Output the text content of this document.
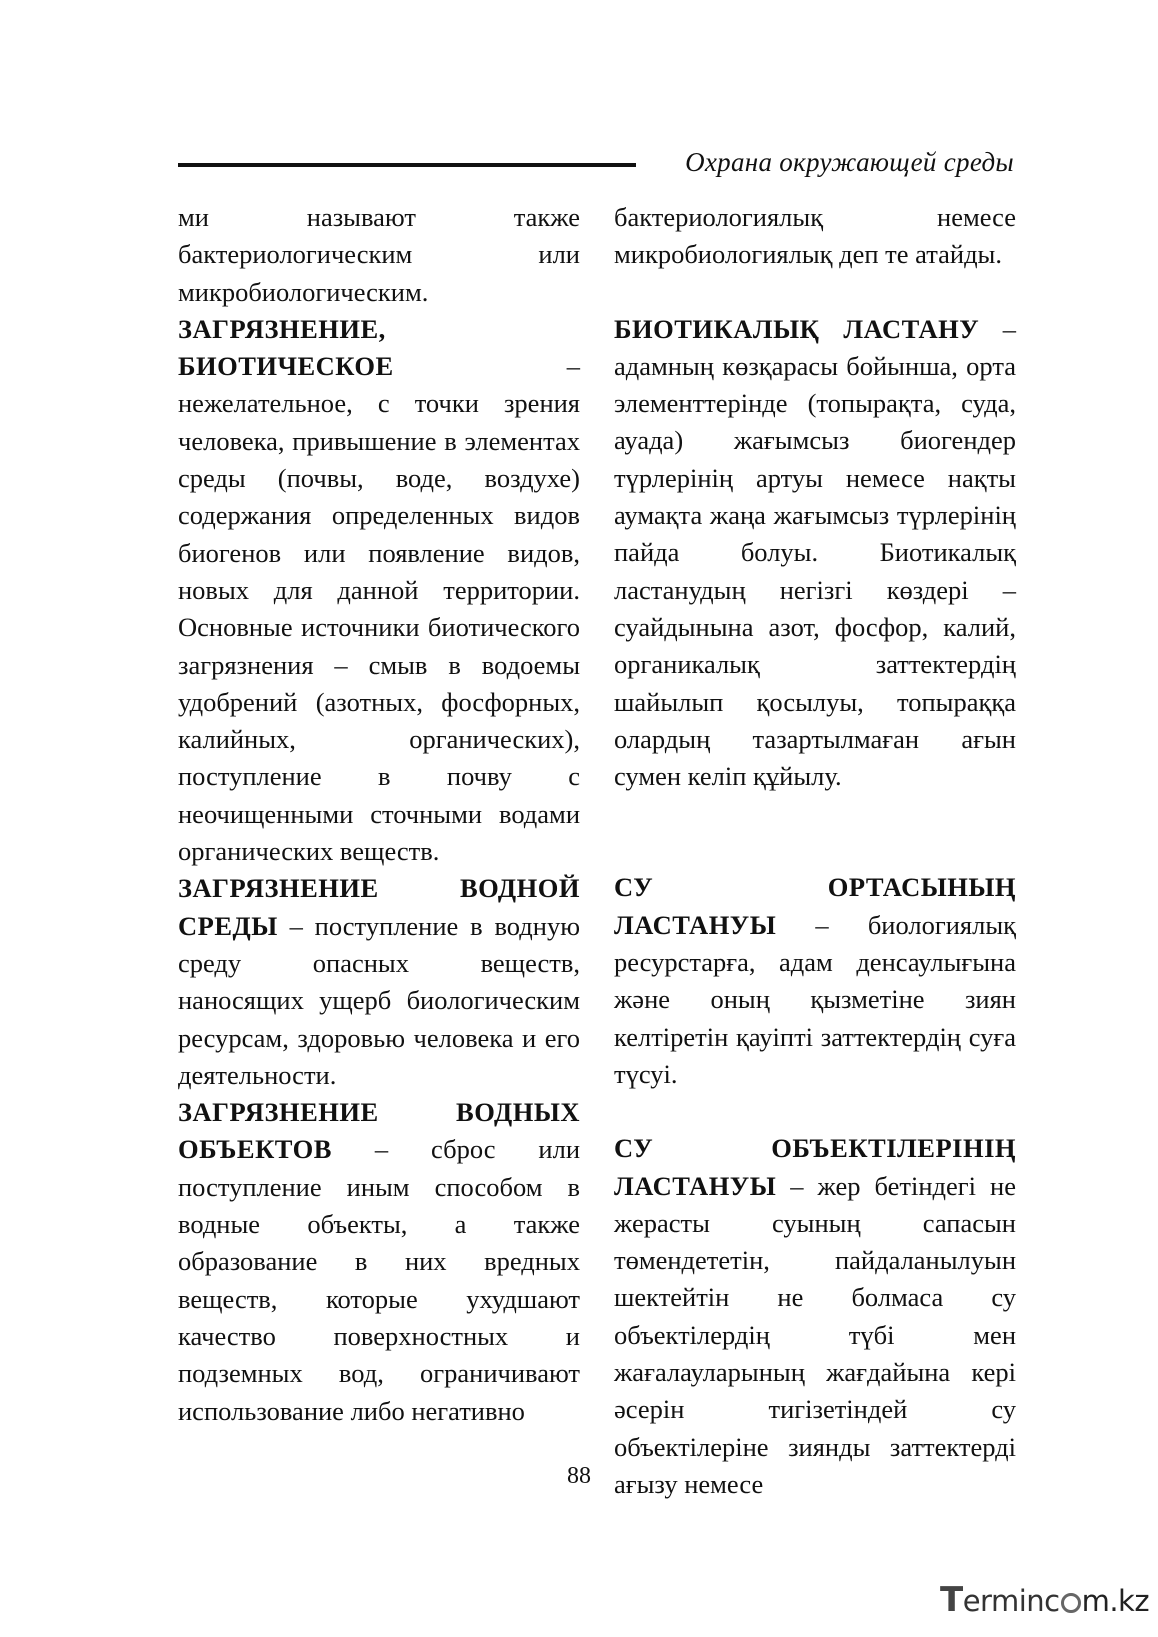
Охрана окружающей среды

ми называют также бактериологическим или микробиологическим.

ЗАГРЯЗНЕНИЕ, БИОТИЧЕСКОЕ – нежелательное, с точки зрения человека, привышение в элементах среды (почвы, воде, воздухе) содержания определенных видов биогенов или появление видов, новых для данной территории. Основные источники биотического загрязнения – смыв в водоемы удобрений (азотных, фосфорных, калийных, органических), поступление в почву с неочищенными сточными водами органических веществ.

ЗАГРЯЗНЕНИЕ ВОДНОЙ СРЕДЫ – поступление в водную среду опасных веществ, наносящих ущерб биологическим ресурсам, здоровью человека и его деятельности.

ЗАГРЯЗНЕНИЕ ВОДНЫХ ОБЪЕКТОВ – сброс или поступление иным способом в водные объекты, а также образование в них вредных веществ, которые ухудшают качество поверхностных и подземных вод, ограничивают использование либо негативно

бактериологиялық немесе микробиологиялық деп те атайды.

БИОТИКАЛЫҚ ЛАСТАНУ – адамның көзқарасы бойынша, орта элементтерінде (топырақта, суда, ауада) жағымсыз биогендер түрлерінің артуы немесе нақты аумақта жаңа жағымсыз түрлерінің пайда болуы. Биотикалық ластанудың негізгі көздері – суайдынына азот, фосфор, калий, органикалық заттектердің шайылып қосылуы, топыраққа олардың тазартылмаған ағын сумен келіп құйылу.

СУ ОРТАСЫНЫҢ ЛАСТАНУЫ – биологиялық ресурстарға, адам денсаулығына және оның қызметіне зиян келтіретін қауіпті заттектердің суға түсуі.

СУ ОБЪЕКТІЛЕРІНІҢ ЛАСТАНУЫ – жер бетіндегі не жерасты суының сапасын төмендететін, пайдаланылуын шектейтін не болмаса су объектілердің түбі мен жағалауларының жағдайына кері әсерін тигізетіндей су объектілеріне зиянды заттектерді ағызу немесе

88
Terminc m.kz
